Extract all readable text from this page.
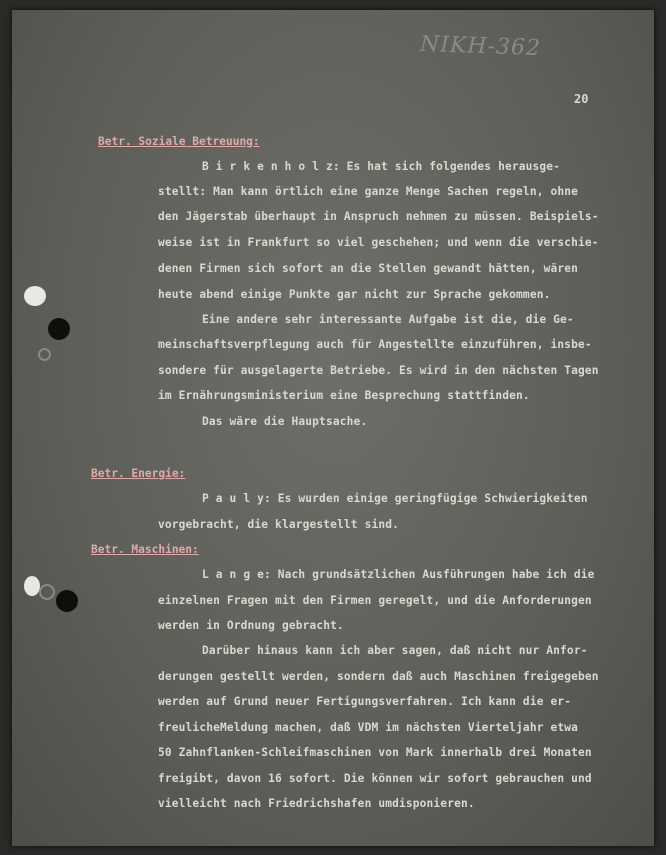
NIKH-362
20
Betr. Soziale Betreuung:
B i r k e n h o l z: Es hat sich folgendes herausge-
stellt: Man kann örtlich eine ganze Menge Sachen regeln, ohne
den Jägerstab überhaupt in Anspruch nehmen zu müssen. Beispiels-
weise ist in Frankfurt so viel geschehen; und wenn die verschie-
denen Firmen sich sofort an die Stellen gewandt hätten, wären
heute abend einige Punkte gar nicht zur Sprache gekommen.
Eine andere sehr interessante Aufgabe ist die, die Ge-
meinschaftsverpflegung auch für Angestellte einzuführen, insbe-
sondere für ausgelagerte Betriebe. Es wird in den nächsten Tagen
im Ernährungsministerium eine Besprechung stattfinden.
Das wäre die Hauptsache.
Betr. Energie:
P a u l y: Es wurden einige geringfügige Schwierigkeiten
vorgebracht, die klargestellt sind.
Betr. Maschinen:
L a n g e: Nach grundsätzlichen Ausführungen habe ich die
einzelnen Fragen mit den Firmen geregelt, und die Anforderungen
werden in Ordnung gebracht.
Darüber hinaus kann ich aber sagen, daß nicht nur Anfor-
derungen gestellt werden, sondern daß auch Maschinen freigegeben
werden auf Grund neuer Fertigungsverfahren. Ich kann die er-
freulicheMeldung machen, daß VDM im nächsten Vierteljahr etwa
50 Zahnflanken-Schleifmaschinen von Mark innerhalb drei Monaten
freigibt, davon 16 sofort. Die können wir sofort gebrauchen und
vielleicht nach Friedrichshafen umdisponieren.
